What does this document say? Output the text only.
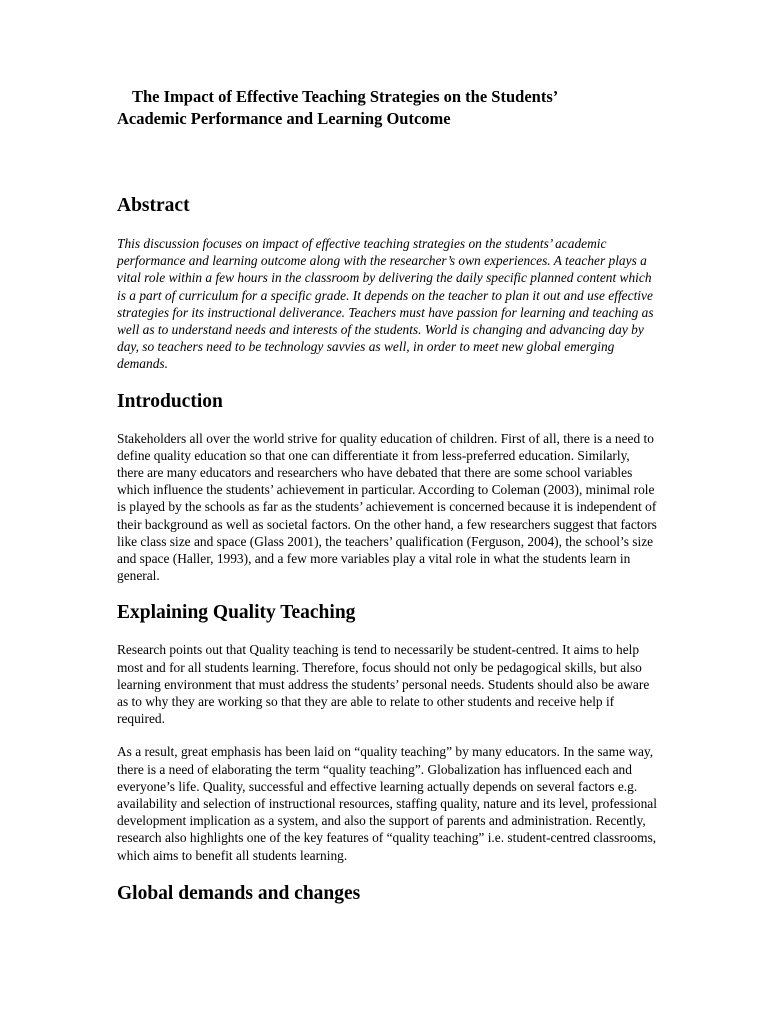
The Impact of Effective Teaching Strategies on the Students’
Academic Performance and Learning Outcome
Abstract

This discussion focuses on impact of effective teaching strategies on the students’ academic performance and learning outcome along with the researcher’s own experiences. A teacher plays a vital role within a few hours in the classroom by delivering the daily specific planned content which is a part of curriculum for a specific grade. It depends on the teacher to plan it out and use effective strategies for its instructional deliverance. Teachers must have passion for learning and teaching as well as to understand needs and interests of the students. World is changing and advancing day by day, so teachers need to be technology savvies as well, in order to meet new global emerging demands.

Introduction

Stakeholders all over the world strive for quality education of children. First of all, there is a need to define quality education so that one can differentiate it from less-preferred education. Similarly, there are many educators and researchers who have debated that there are some school variables which influence the students’ achievement in particular. According to Coleman (2003), minimal role is played by the schools as far as the students’ achievement is concerned because it is independent of their background as well as societal factors. On the other hand, a few researchers suggest that factors like class size and space (Glass 2001), the teachers’ qualification (Ferguson, 2004), the school’s size and space (Haller, 1993), and a few more variables play a vital role in what the students learn in general.

Explaining Quality Teaching

Research points out that Quality teaching is tend to necessarily be student-centred. It aims to help most and for all students learning. Therefore, focus should not only be pedagogical skills, but also learning environment that must address the students’ personal needs. Students should also be aware as to why they are working so that they are able to relate to other students and receive help if required.

As a result, great emphasis has been laid on “quality teaching” by many educators. In the same way, there is a need of elaborating the term “quality teaching”. Globalization has influenced each and everyone’s life. Quality, successful and effective learning actually depends on several factors e.g. availability and selection of instructional resources, staffing quality, nature and its level, professional development implication as a system, and also the support of parents and administration. Recently, research also highlights one of the key features of “quality teaching” i.e. student-centred classrooms, which aims to benefit all students learning.

Global demands and changes
